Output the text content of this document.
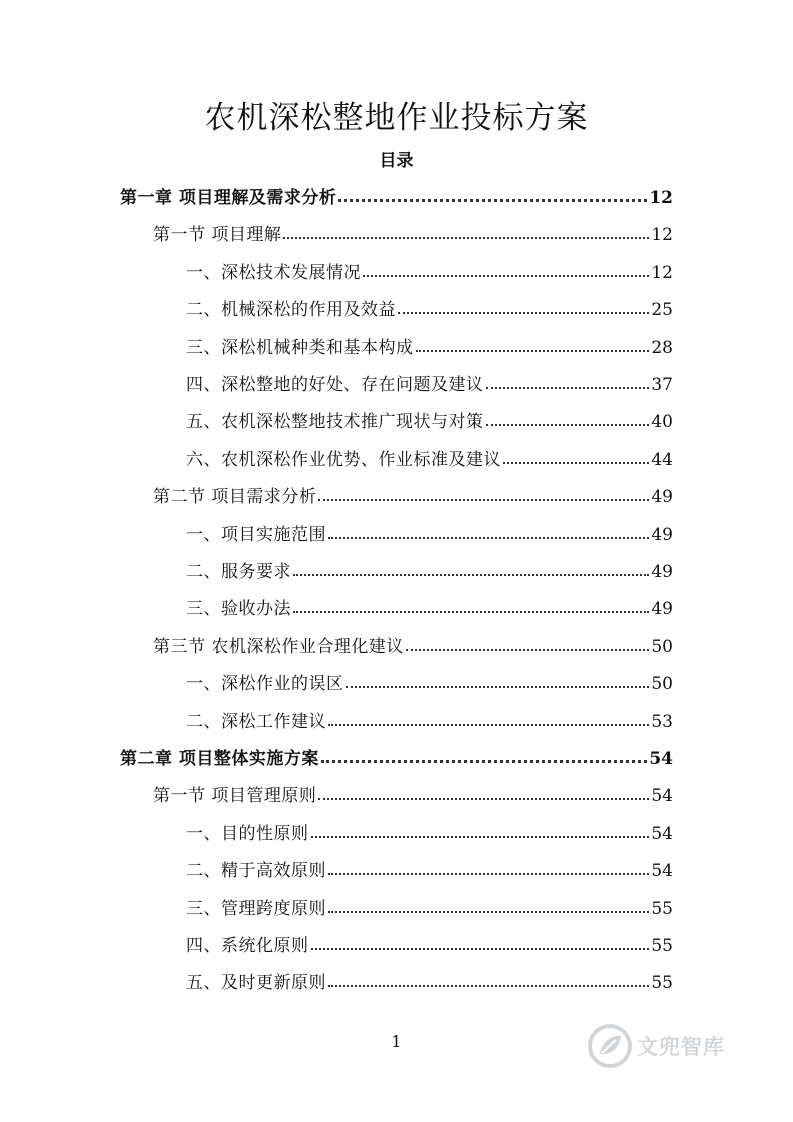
农机深松整地作业投标方案
目录
第一章 项目理解及需求分析	12
第一节 项目理解	12
一、深松技术发展情况	12
二、机械深松的作用及效益	25
三、深松机械种类和基本构成	28
四、深松整地的好处、存在问题及建议	37
五、农机深松整地技术推广现状与对策	40
六、农机深松作业优势、作业标准及建议	44
第二节 项目需求分析	49
一、项目实施范围	49
二、服务要求	49
三、验收办法	49
第三节 农机深松作业合理化建议	50
一、深松作业的误区	50
二、深松工作建议	53
第二章 项目整体实施方案	54
第一节 项目管理原则	54
一、目的性原则	54
二、精于高效原则	54
三、管理跨度原则	55
四、系统化原则	55
五、及时更新原则	55
1	文兜智库
